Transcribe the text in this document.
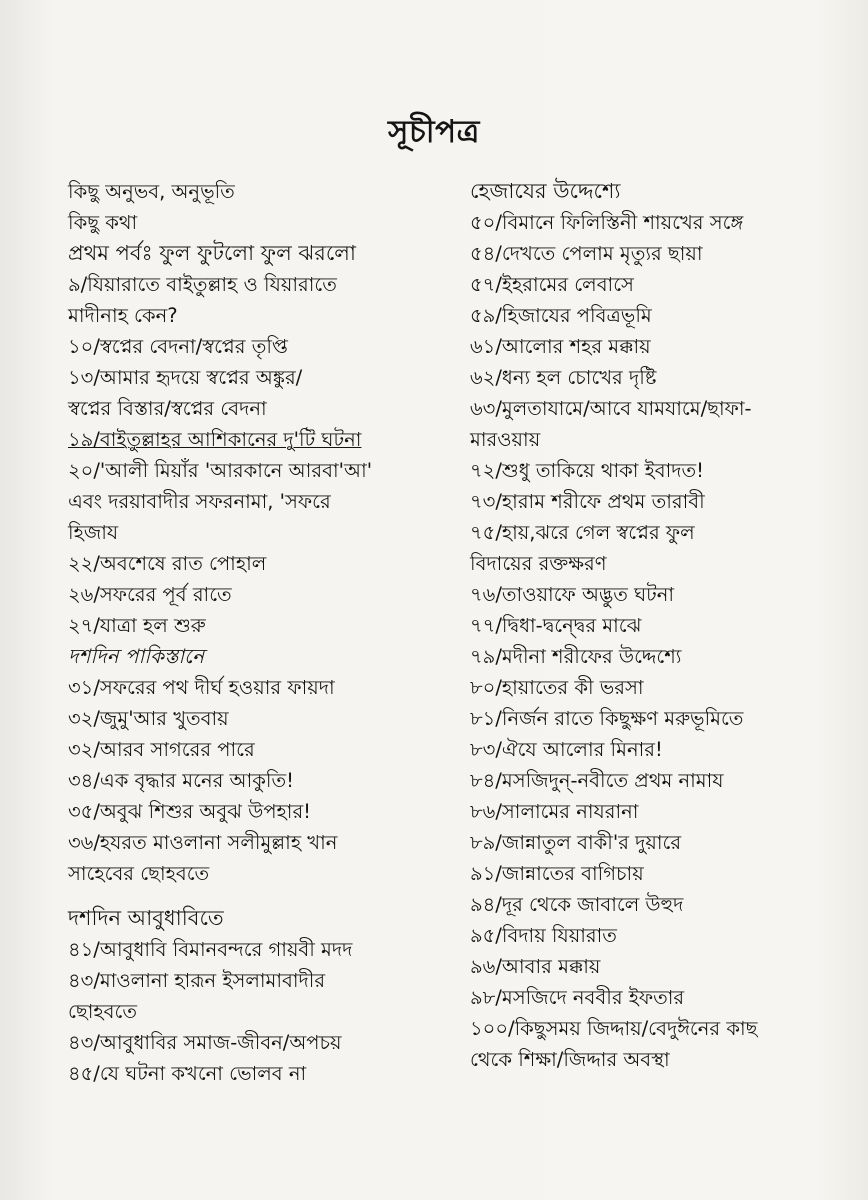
সূচীপত্র
কিছু অনুভব, অনুভূতি
কিছু কথা
প্রথম পর্বঃ ফুল ফুটলো ফুল ঝরলো
৯/যিয়ারাতে বাইতুল্লাহ ও যিয়ারাতে
মাদীনাহ কেন?
১০/স্বপ্নের বেদনা/স্বপ্নের তৃপ্তি
১৩/আমার হৃদয়ে স্বপ্নের অঙ্কুর/
স্বপ্নের বিস্তার/স্বপ্নের বেদনা
১৯/বাইতুল্লাহর আশিকানের দু'টি ঘটনা
২০/'আলী মিয়াঁর 'আরকানে আরবা'আ'
এবং দরয়াবাদীর সফরনামা, 'সফরে
হিজায
২২/অবশেষে রাত পোহাল
২৬/সফরের পূর্ব রাতে
২৭/যাত্রা হল শুরু
দশদিন পাকিস্তানে
৩১/সফরের পথ দীর্ঘ হওয়ার ফায়দা
৩২/জুমু'আর খুতবায়
৩২/আরব সাগরের পারে
৩৪/এক বৃদ্ধার মনের আকুতি!
৩৫/অবুঝ শিশুর অবুঝ উপহার!
৩৬/হযরত মাওলানা সলীমুল্লাহ খান
সাহেবের ছোহবতে
দশদিন আবুধাবিতে
৪১/আবুধাবি বিমানবন্দরে গায়বী মদদ
৪৩/মাওলানা হারূন ইসলামাবাদীর
ছোহবতে
৪৩/আবুধাবির সমাজ-জীবন/অপচয়
৪৫/যে ঘটনা কখনো ভোলব না
হেজাযের উদ্দেশ্যে
৫০/বিমানে ফিলিস্তিনী শায়খের সঙ্গে
৫৪/দেখতে পেলাম মৃত্যুর ছায়া
৫৭/ইহরামের লেবাসে
৫৯/হিজাযের পবিত্রভূমি
৬১/আলোর শহর মক্কায়
৬২/ধন্য হল চোখের দৃষ্টি
৬৩/মুলতাযামে/আবে যামযামে/ছাফা-
মারওয়ায়
৭২/শুধু তাকিয়ে থাকা ইবাদত!
৭৩/হারাম শরীফে প্রথম তারাবী
৭৫/হায়,ঝরে গেল স্বপ্নের ফুল
বিদায়ের রক্তক্ষরণ
৭৬/তাওয়াফে অদ্ভুত ঘটনা
৭৭/দ্বিধা-দ্বন্দ্বের মাঝে
৭৯/মদীনা শরীফের উদ্দেশ্যে
৮০/হায়াতের কী ভরসা
৮১/নির্জন রাতে কিছুক্ষণ মরুভূমিতে
৮৩/ঐযে আলোর মিনার!
৮৪/মসজিদুন্-নবীতে প্রথম নামায
৮৬/সালামের নাযরানা
৮৯/জান্নাতুল বাকী'র দুয়ারে
৯১/জান্নাতের বাগিচায়
৯৪/দূর থেকে জাবালে উহুদ
৯৫/বিদায় যিয়ারাত
৯৬/আবার মক্কায়
৯৮/মসজিদে নববীর ইফতার
১০০/কিছুসময় জিদ্দায়/বেদুঈনের কাছ
থেকে শিক্ষা/জিদ্দার অবস্থা
